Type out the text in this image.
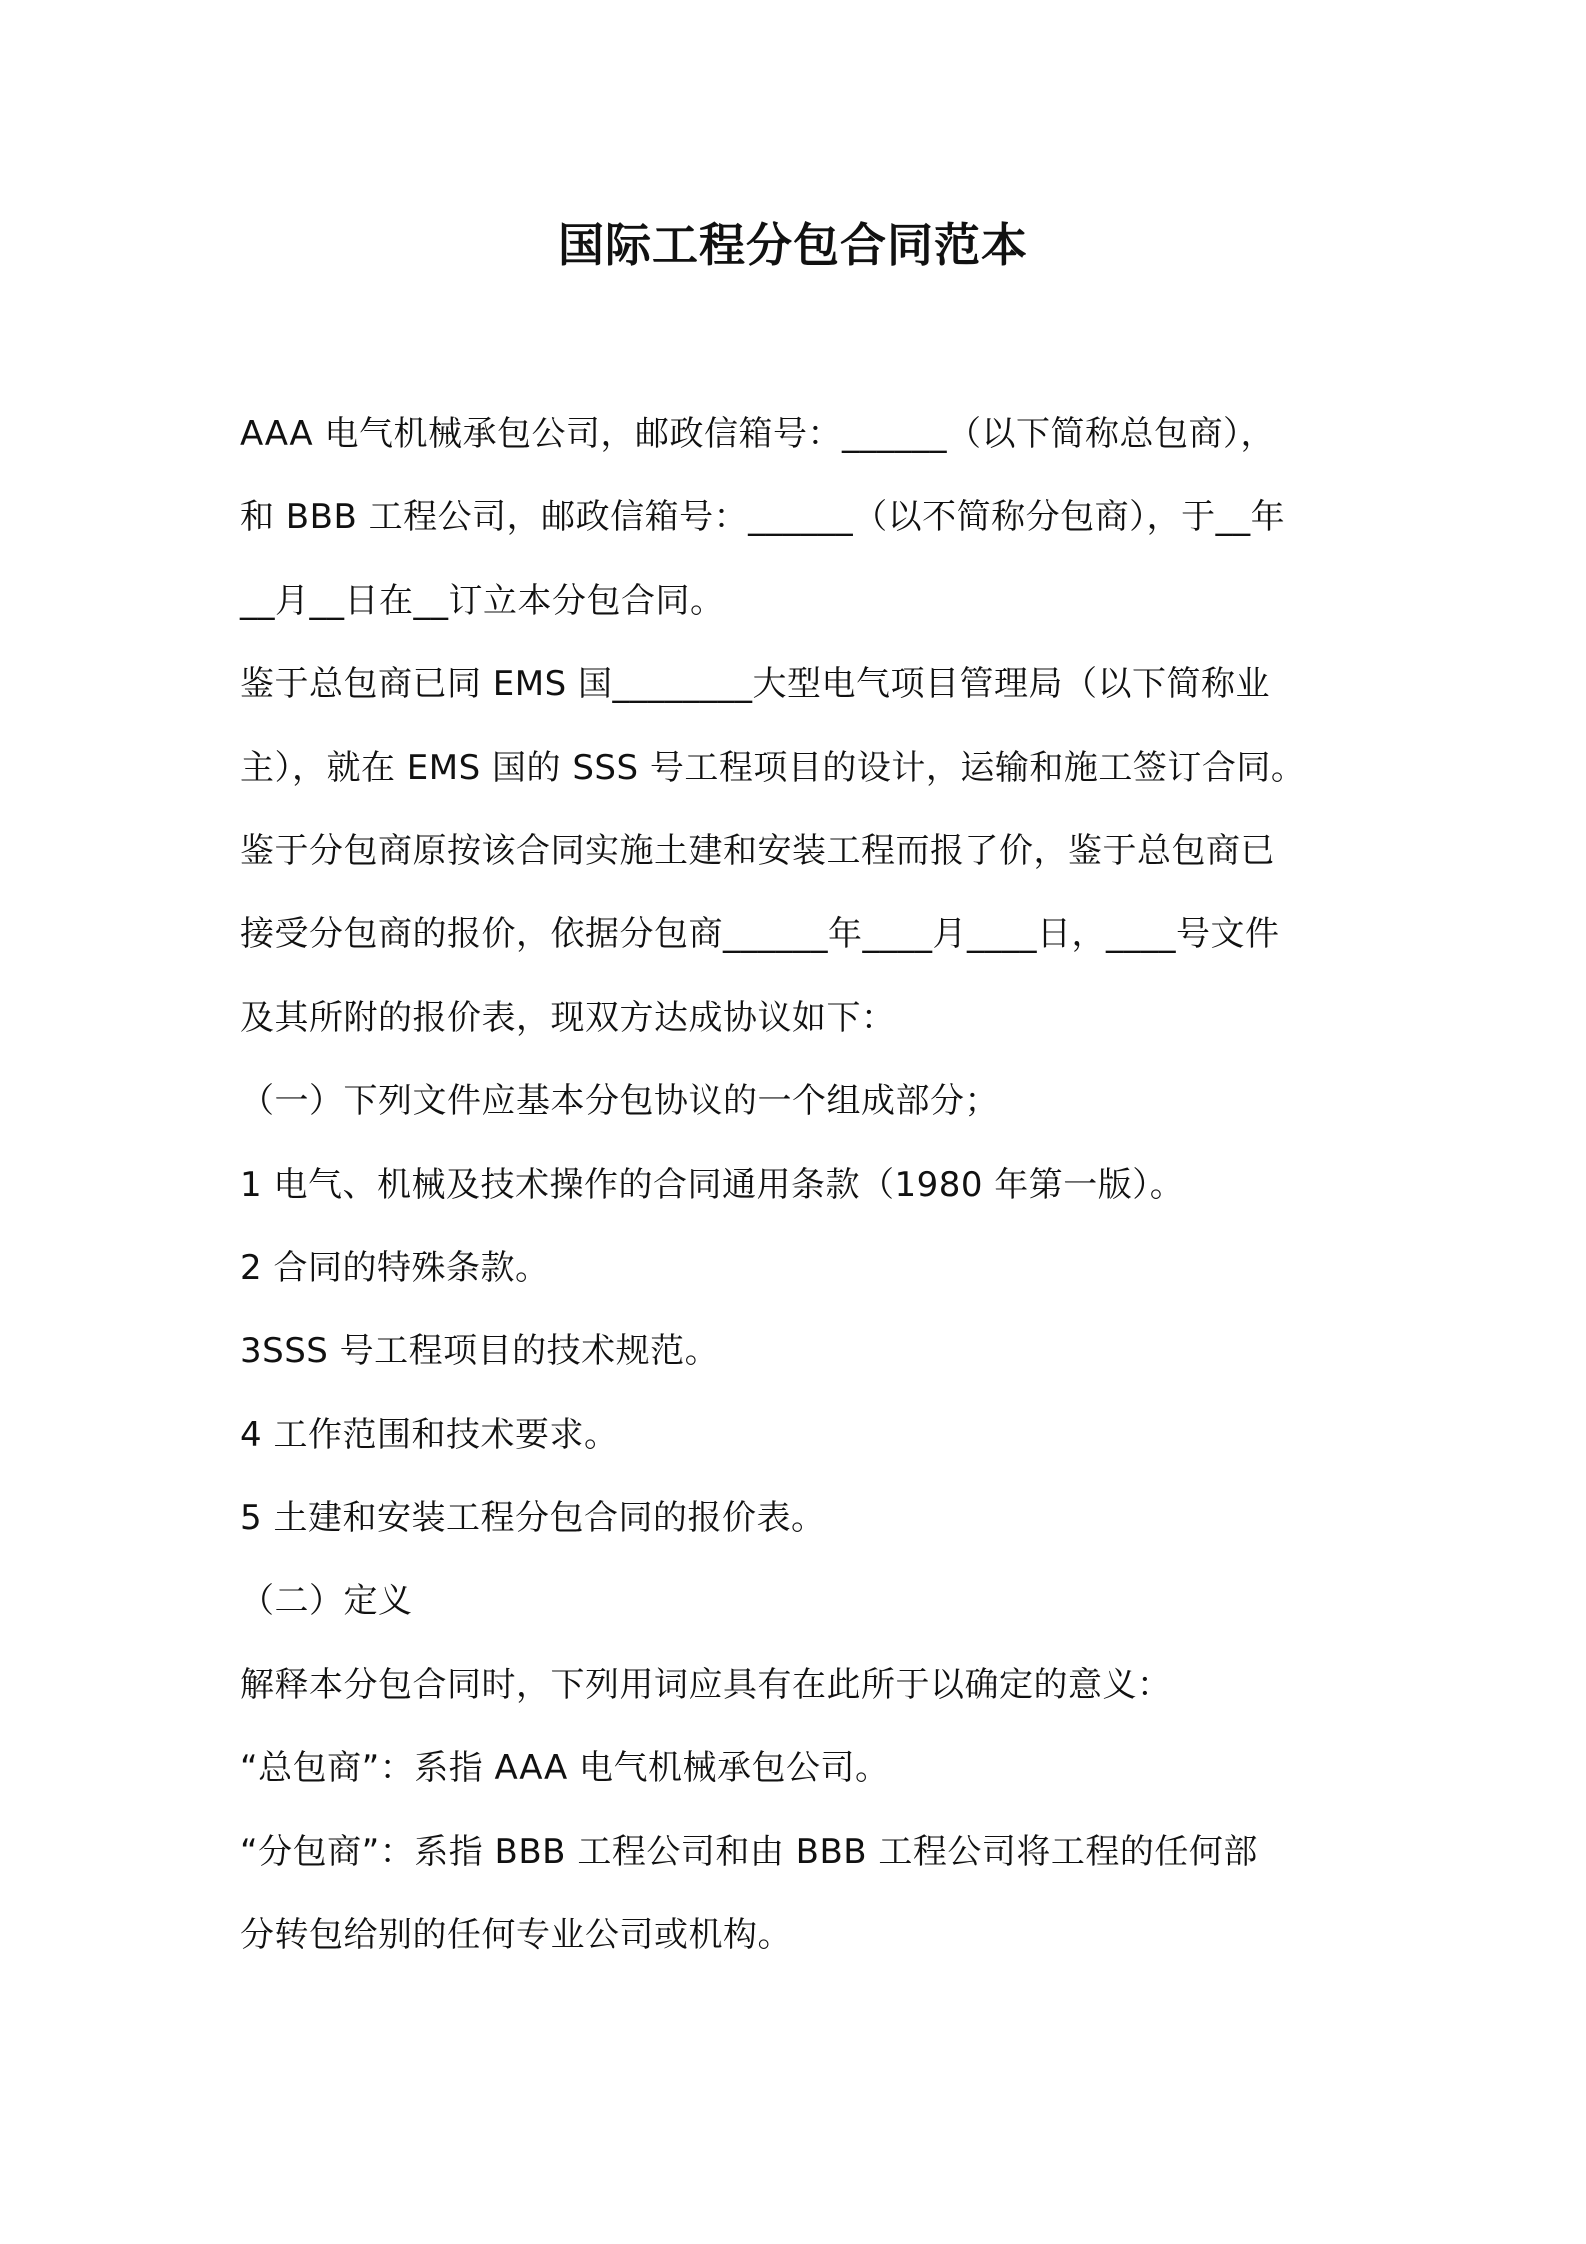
国际工程分包合同范本
AAA 电气机械承包公司，邮政信箱号：______（以下简称总包商），
和 BBB 工程公司，邮政信箱号：______（以不简称分包商），于__年
__月__日在__订立本分包合同。
鉴于总包商已同 EMS 国________大型电气项目管理局（以下简称业
主），就在 EMS 国的 SSS 号工程项目的设计，运输和施工签订合同。
鉴于分包商原按该合同实施土建和安装工程而报了价，鉴于总包商已
接受分包商的报价，依据分包商______年____月____日，____号文件
及其所附的报价表，现双方达成协议如下：
（一）下列文件应基本分包协议的一个组成部分；
1 电气、机械及技术操作的合同通用条款（1980 年第一版）。
2 合同的特殊条款。
3SSS 号工程项目的技术规范。
4 工作范围和技术要求。
5 土建和安装工程分包合同的报价表。
（二）定义
解释本分包合同时，下列用词应具有在此所于以确定的意义：
“总包商”：系指 AAA 电气机械承包公司。
“分包商”：系指 BBB 工程公司和由 BBB 工程公司将工程的任何部
分转包给别的任何专业公司或机构。
